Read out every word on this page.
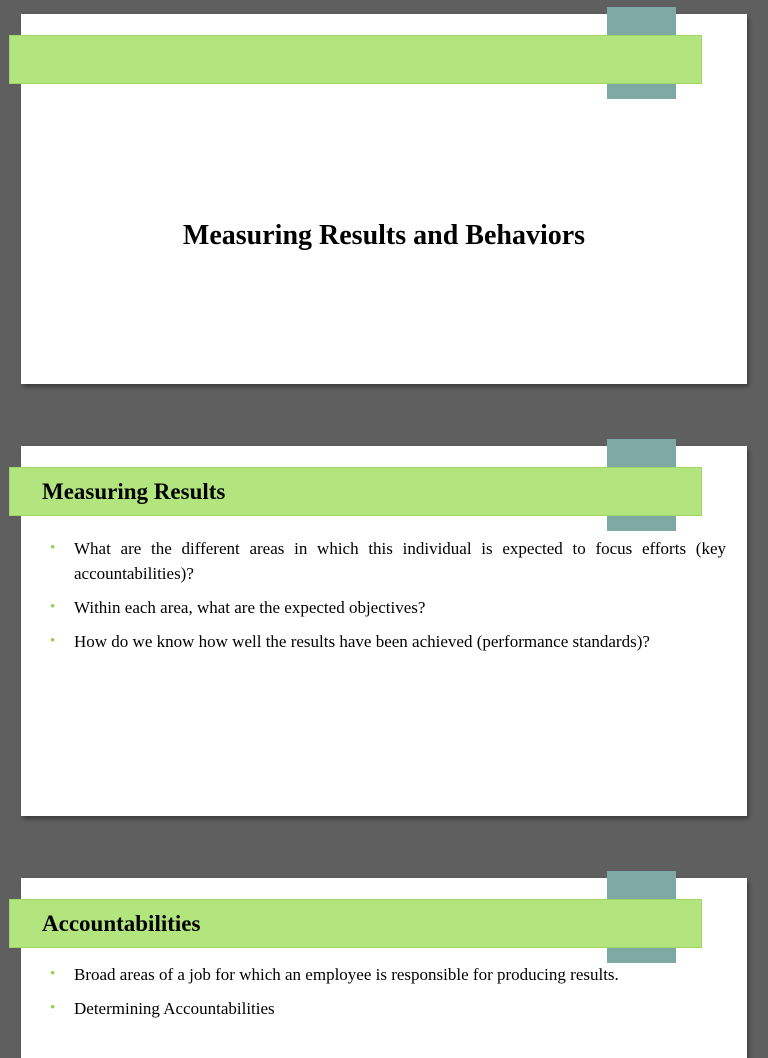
Measuring Results and Behaviors
Measuring Results
• What are the different areas in which this individual is expected to focus efforts (key accountabilities)?
• Within each area, what are the expected objectives?
• How do we know how well the results have been achieved (performance standards)?
Accountabilities
• Broad areas of a job for which an employee is responsible for producing results.
• Determining Accountabilities
